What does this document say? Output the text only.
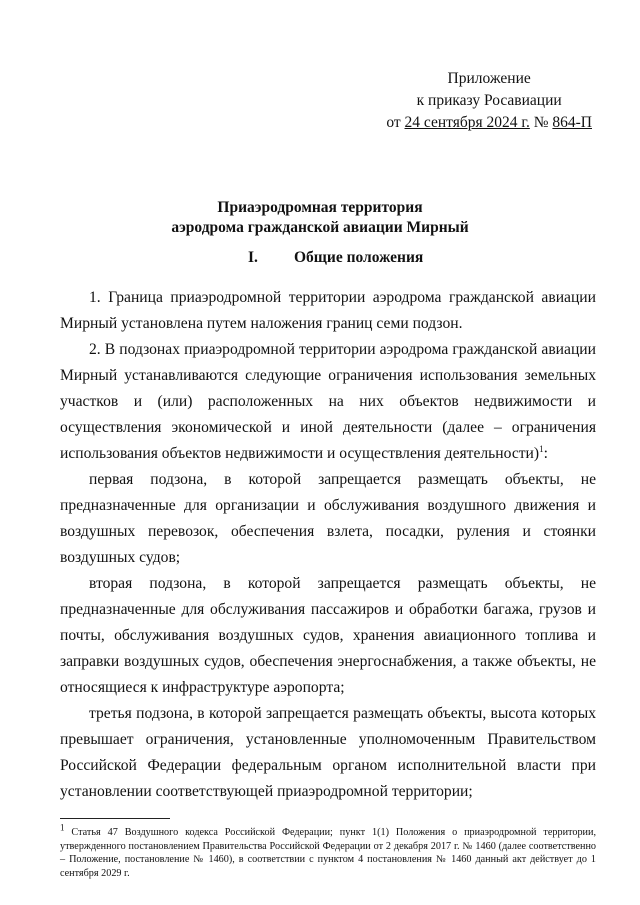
Приложение
к приказу Росавиации
от 24 сентября 2024 г. № 864-П
Приаэродромная территория
аэродрома гражданской авиации Мирный
I. Общие положения

1. Граница приаэродромной территории аэродрома гражданской авиации Мирный установлена путем наложения границ семи подзон.

2. В подзонах приаэродромной территории аэродрома гражданской авиации Мирный устанавливаются следующие ограничения использования земельных участков и (или) расположенных на них объектов недвижимости и осуществления экономической и иной деятельности (далее – ограничения использования объектов недвижимости и осуществления деятельности)$^1$:

первая подзона, в которой запрещается размещать объекты, не предназначенные для организации и обслуживания воздушного движения и воздушных перевозок, обеспечения взлета, посадки, руления и стоянки воздушных судов;

вторая подзона, в которой запрещается размещать объекты, не предназначенные для обслуживания пассажиров и обработки багажа, грузов и почты, обслуживания воздушных судов, хранения авиационного топлива и заправки воздушных судов, обеспечения энергоснабжения, а также объекты, не относящиеся к инфраструктуре аэропорта;

третья подзона, в которой запрещается размещать объекты, высота которых превышает ограничения, установленные уполномоченным Правительством Российской Федерации федеральным органом исполнительной власти при установлении соответствующей приаэродромной территории;

$^1$ Статья 47 Воздушного кодекса Российской Федерации; пункт 1(1) Положения о приаэродромной территории, утвержденного постановлением Правительства Российской Федерации от 2 декабря 2017 г. № 1460 (далее соответственно – Положение, постановление № 1460), в соответствии с пунктом 4 постановления № 1460 данный акт действует до 1 сентября 2029 г.
